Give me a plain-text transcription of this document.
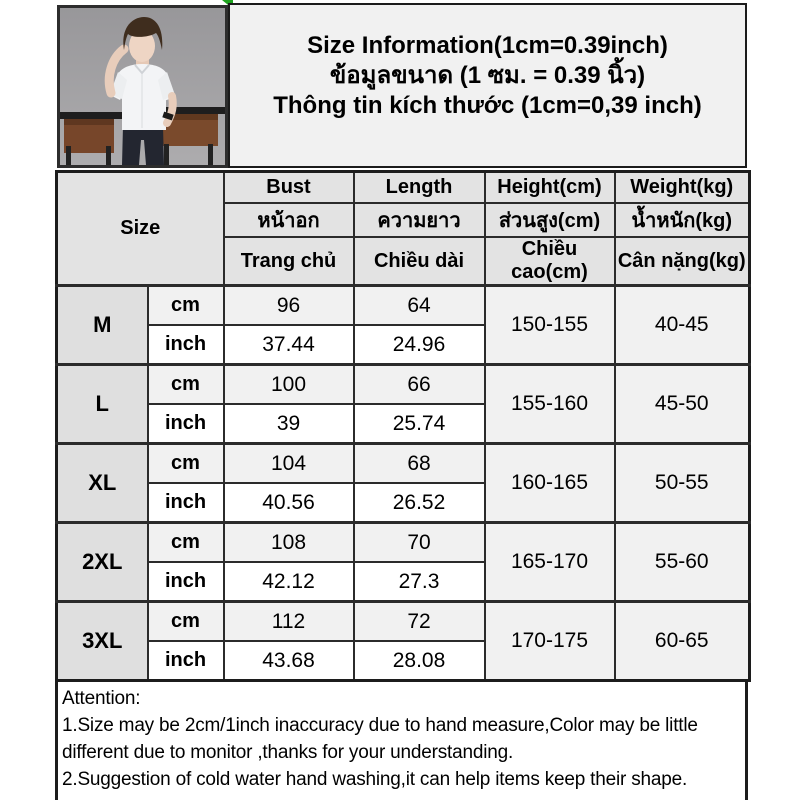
Size Information(1cm=0.39inch)
ข้อมูลขนาด (1 ซม. = 0.39 นิ้ว)
Thông tin kích thước (1cm=0,39 inch)
Size		Bust	Length	Height(cm)	Weight(kg)
		หน้าอก	ความยาว	ส่วนสูง(cm)	น้ำหนัก(kg)
		Trang chủ	Chiều dài	Chiều cao(cm)	Cân nặng(kg)
M	cm	96	64	150-155	40-45
	inch	37.44	24.96		
L	cm	100	66	155-160	45-50
	inch	39	25.74		
XL	cm	104	68	160-165	50-55
	inch	40.56	26.52		
2XL	cm	108	70	165-170	55-60
	inch	42.12	27.3		
3XL	cm	112	72	170-175	60-65
	inch	43.68	28.08		
Attention:
1.Size may be 2cm/1inch inaccuracy due to hand measure,Color may be little different due to monitor ,thanks for your understanding.
2.Suggestion of cold water hand washing,it can help items keep their shape.
